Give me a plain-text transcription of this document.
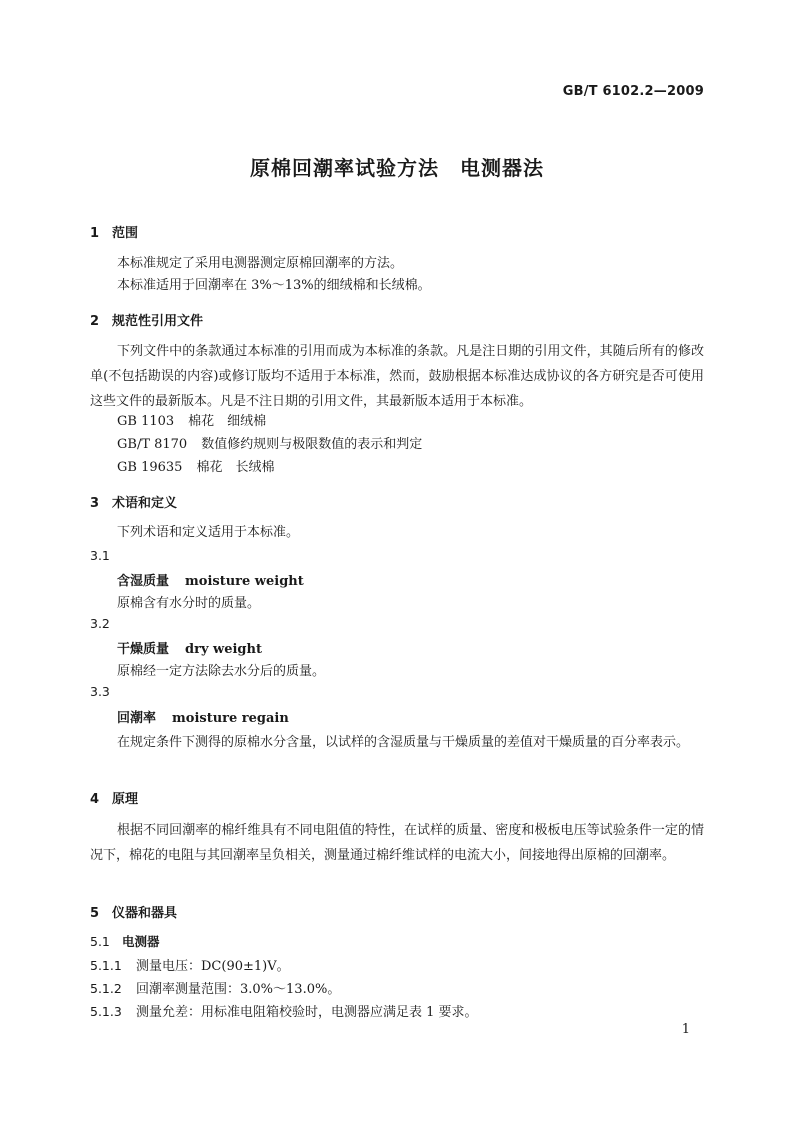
GB/T 6102.2—2009
原棉回潮率试验方法　电测器法
1 范围
本标准规定了采用电测器测定原棉回潮率的方法。
本标准适用于回潮率在 3%～13%的细绒棉和长绒棉。
2 规范性引用文件
下列文件中的条款通过本标准的引用而成为本标准的条款。凡是注日期的引用文件，其随后所有的修改单(不包括勘误的内容)或修订版均不适用于本标准，然而，鼓励根据本标准达成协议的各方研究是否可使用这些文件的最新版本。凡是不注日期的引用文件，其最新版本适用于本标准。
GB 1103 棉花　细绒棉
GB/T 8170 数值修约规则与极限数值的表示和判定
GB 19635 棉花　长绒棉
3 术语和定义
下列术语和定义适用于本标准。
3.1
含湿质量 moisture weight
原棉含有水分时的质量。
3.2
干燥质量 dry weight
原棉经一定方法除去水分后的质量。
3.3
回潮率 moisture regain
在规定条件下测得的原棉水分含量，以试样的含湿质量与干燥质量的差值对干燥质量的百分率表示。
4 原理
根据不同回潮率的棉纤维具有不同电阻值的特性，在试样的质量、密度和极板电压等试验条件一定的情况下，棉花的电阻与其回潮率呈负相关，测量通过棉纤维试样的电流大小，间接地得出原棉的回潮率。
5 仪器和器具
5.1 电测器
5.1.1 测量电压：DC(90±1)V。
5.1.2 回潮率测量范围：3.0%～13.0%。
5.1.3 测量允差：用标准电阻箱校验时，电测器应满足表 1 要求。
1
